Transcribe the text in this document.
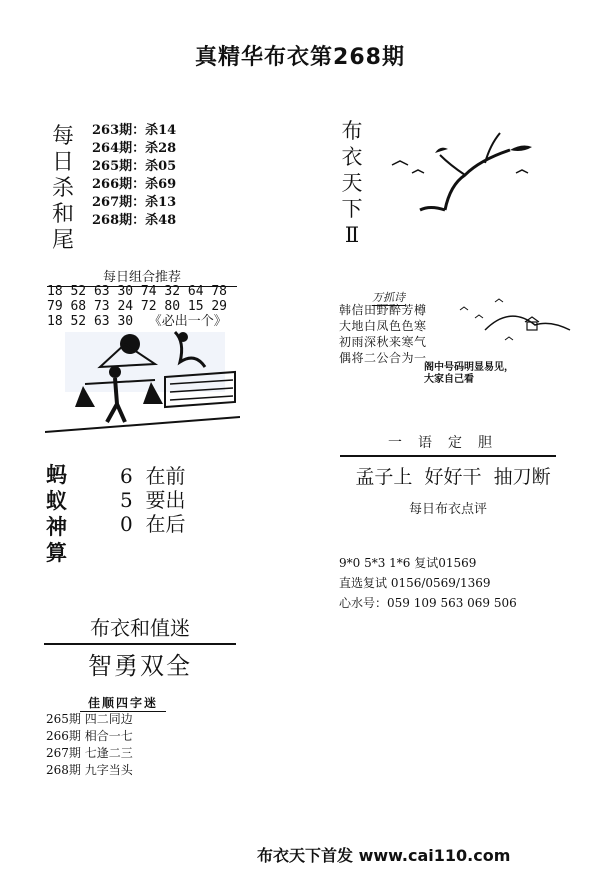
真精华布衣第268期
每
日
杀
和
尾
263期：杀14
264期：杀28
265期：杀05
266期：杀69
267期：杀13
268期：杀48
每日组合推荐
18 52 63 30 74 32 64 78
79 68 73 24 72 80 15 29
18 52 63 30  《必出一个》
蚂
蚁
神
算
6  在前
5  要出
0  在后
布衣和值迷
智勇双全
佳顺四字迷
265期 四二同边
266期 相合一七
267期 七逢二三
268期 九字当头
布
衣
天
下
Ⅱ
万抓诗
韩信田野醉芳樽
大地白凤色色寒
初雨深秋来寒气
偶将二公合为一
阁中号码明显易见，
大家自己看
一语定胆
孟子上  好好干  抽刀断
每日布衣点评
9*0 5*3 1*6 复试01569
直选复试 0156/0569/1369
心水号：059 109 563 069 506
布衣天下首发 www.cai110.com
